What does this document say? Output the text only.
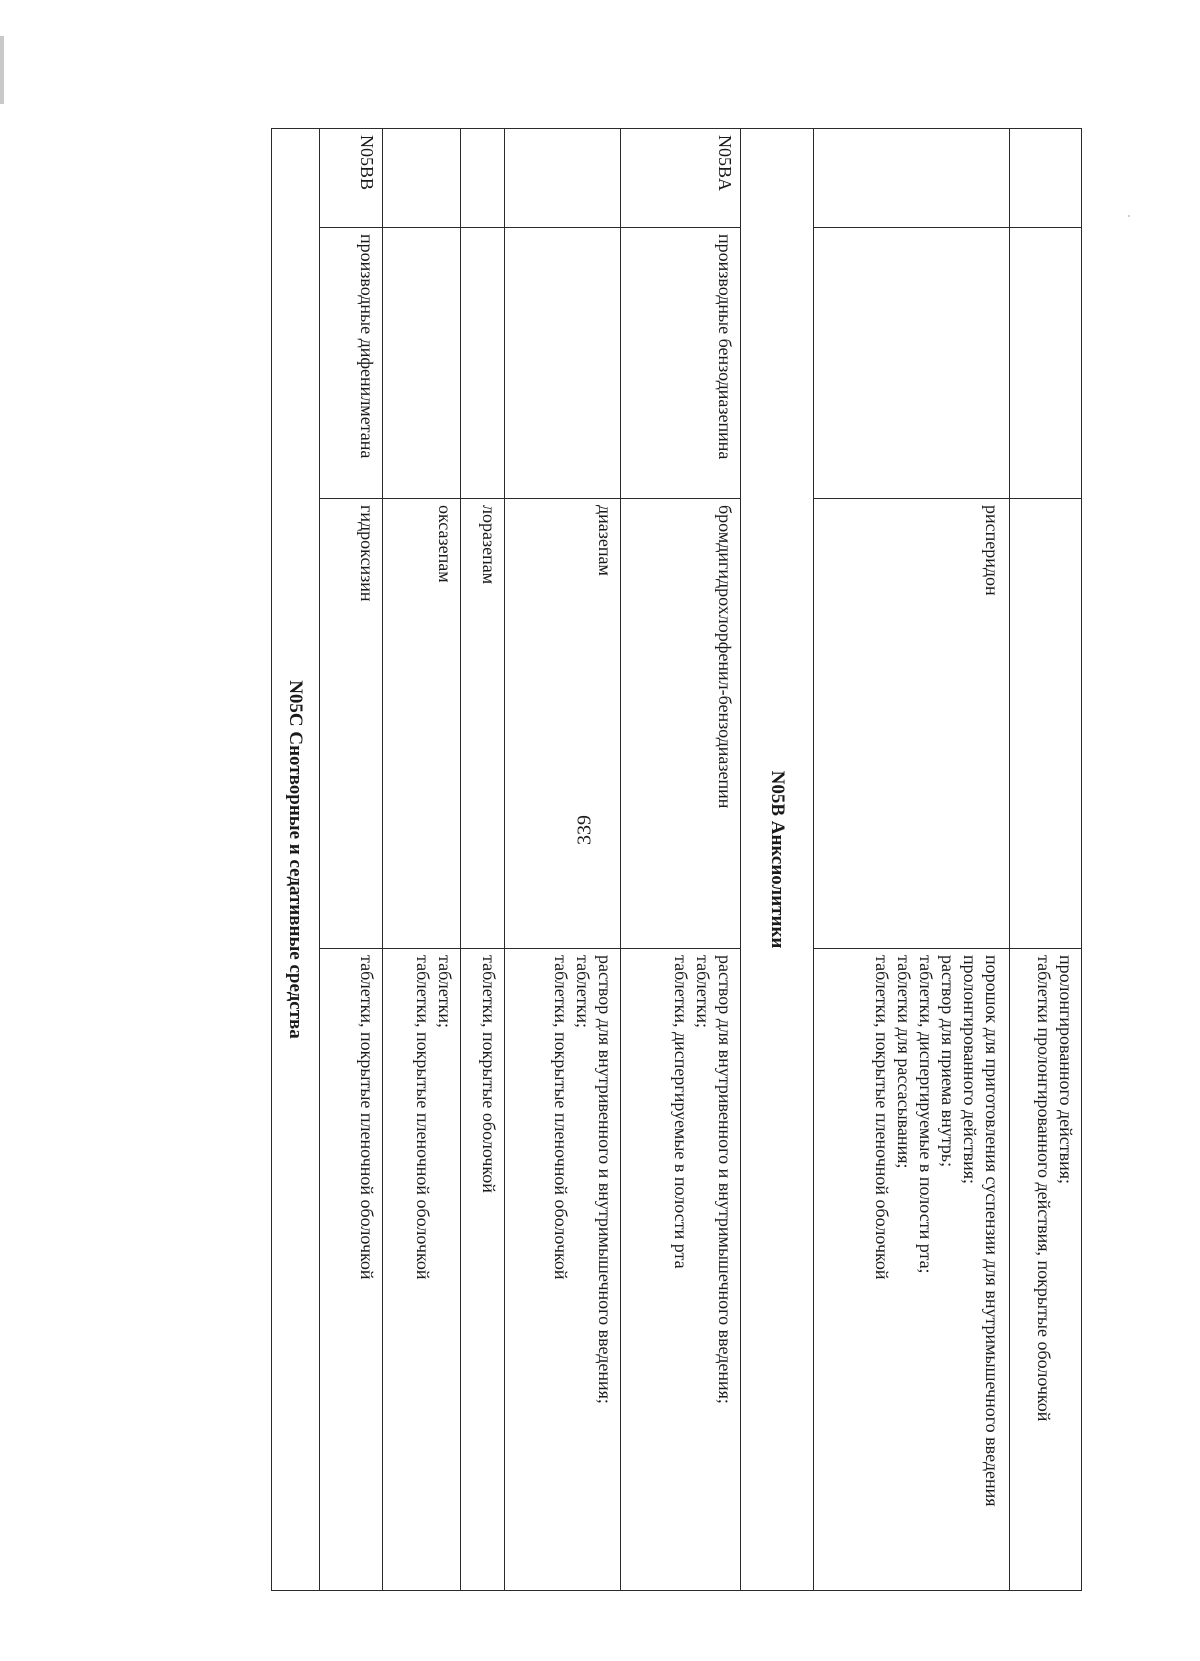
339

			пролонгированного действия;
таблетки пролонгированного действия, покрытые оболочкой

		рисперидон	порошок для приготовления суспензии для внутримышечного введения пролонгированного действия;
раствор для приема внутрь;
таблетки, диспергируемые в полости рта;
таблетки для рассасывания;
таблетки, покрытые пленочной оболочкой

N05B Анксиолитики			
N05BA	производные бензодиазепина	бромдигидрохлорфенил-бензодиазепин	раствор для внутривенного и внутримышечного введения;
таблетки;
таблетки, диспергируемые в полости рта

		диазепам	раствор для внутривенного и внутримышечного введения;
таблетки;
таблетки, покрытые пленочной оболочкой

		лоразепам	таблетки, покрытые оболочкой

		оксазепам	таблетки;
таблетки, покрытые пленочной оболочкой

N05BB	производные дифенилметана	гидроксизин	таблетки, покрытые пленочной оболочкой

N05C Снотворные и седативные средства			
